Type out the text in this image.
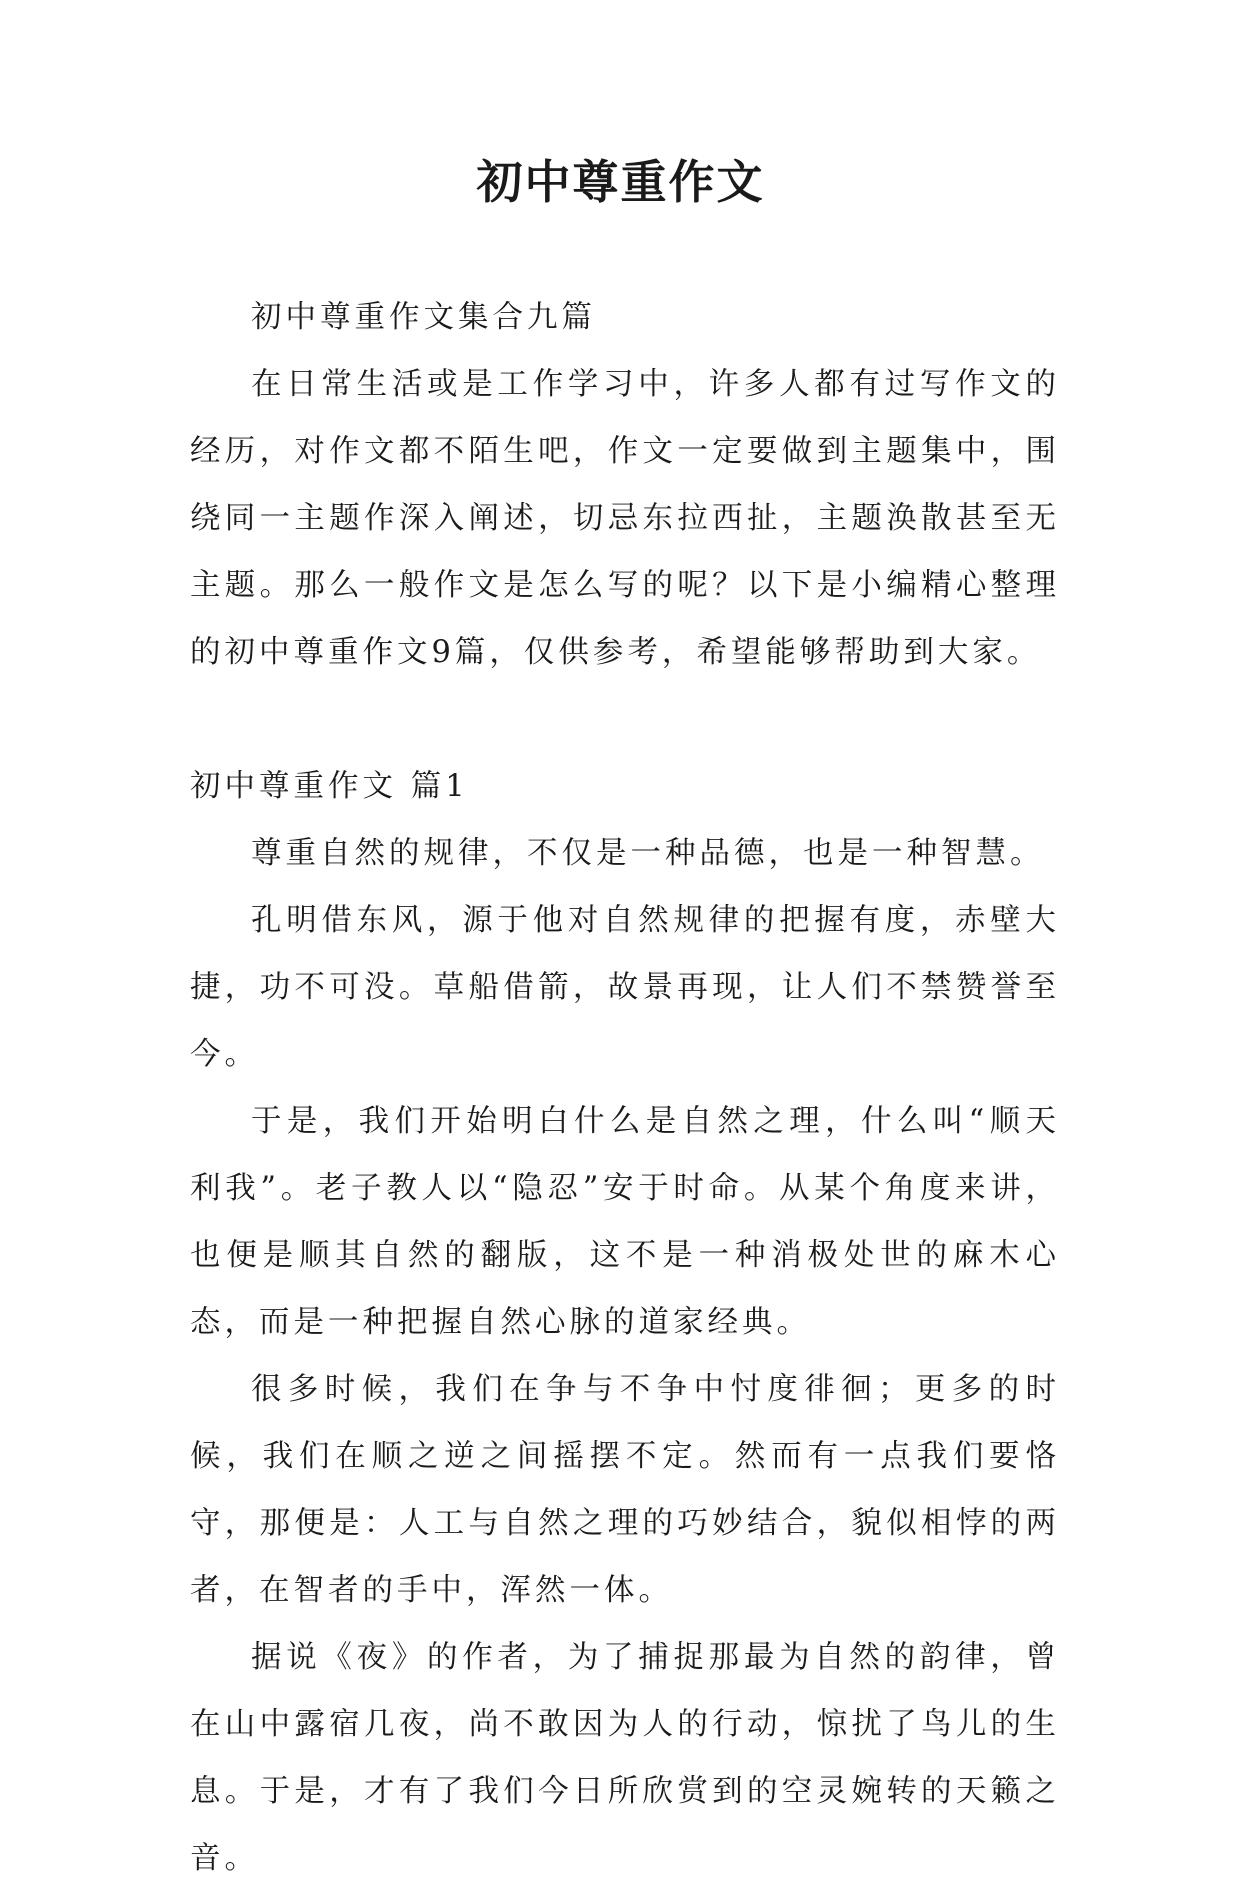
初中尊重作文

初中尊重作文集合九篇

在日常生活或是工作学习中，许多人都有过写作文的经历，对作文都不陌生吧，作文一定要做到主题集中，围绕同一主题作深入阐述，切忌东拉西扯，主题涣散甚至无主题。那么一般作文是怎么写的呢？以下是小编精心整理的初中尊重作文9篇，仅供参考，希望能够帮助到大家。

初中尊重作文 篇1

尊重自然的规律，不仅是一种品德，也是一种智慧。

孔明借东风，源于他对自然规律的把握有度，赤壁大捷，功不可没。草船借箭，故景再现，让人们不禁赞誉至今。

于是，我们开始明白什么是自然之理，什么叫“顺天利我”。老子教人以“隐忍”安于时命。从某个角度来讲，也便是顺其自然的翻版，这不是一种消极处世的麻木心态，而是一种把握自然心脉的道家经典。

很多时候，我们在争与不争中忖度徘徊；更多的时候，我们在顺之逆之间摇摆不定。然而有一点我们要恪守，那便是：人工与自然之理的巧妙结合，貌似相悖的两者，在智者的手中，浑然一体。

据说《夜》的作者，为了捕捉那最为自然的韵律，曾在山中露宿几夜，尚不敢因为人的行动，惊扰了鸟儿的生息。于是，才有了我们今日所欣赏到的空灵婉转的天籁之音。
